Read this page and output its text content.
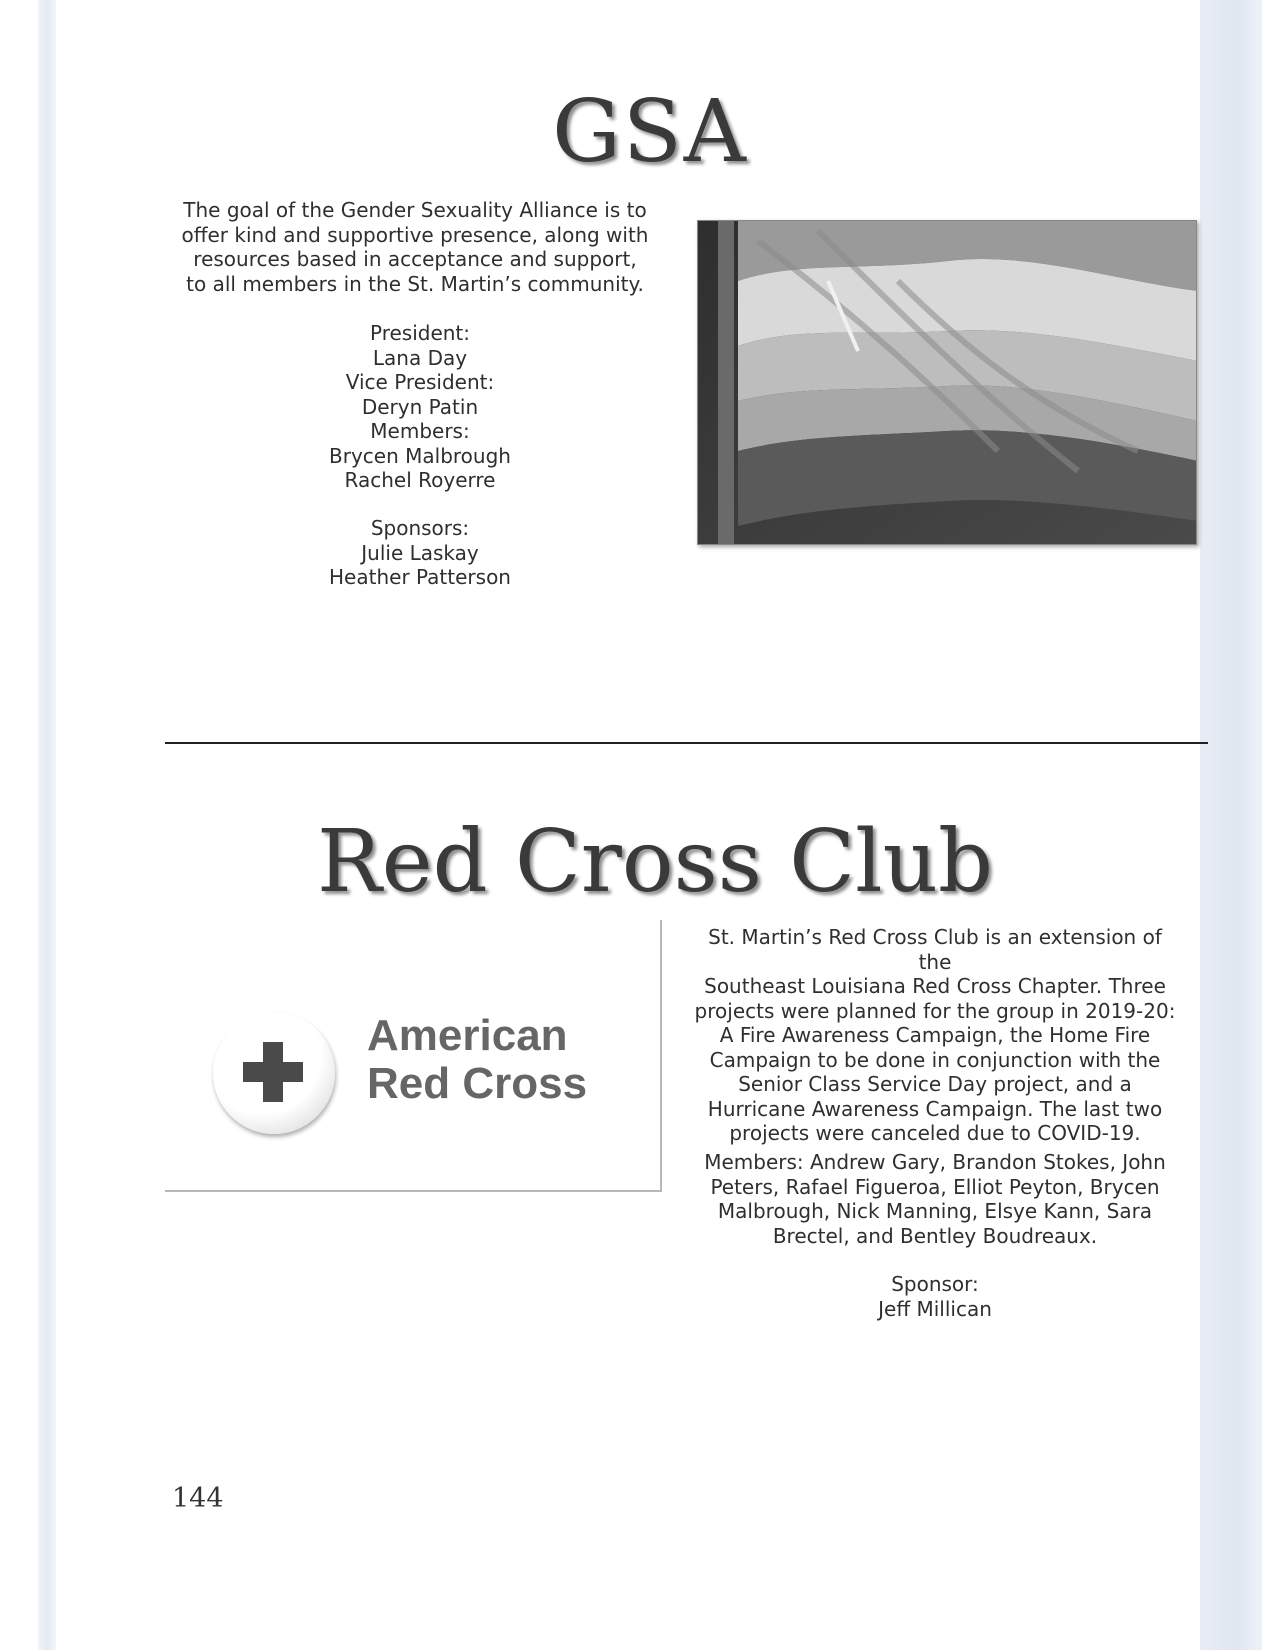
GSA
The goal of the Gender Sexuality Alliance is to
offer kind and supportive presence, along with
resources based in acceptance and support,
to all members in the St. Martin’s community.
President:
Lana Day
Vice President:
Deryn Patin
Members:
Brycen Malbrough
Rachel Royerre
Sponsors:
Julie Laskay
Heather Patterson
Red Cross Club
American
Red Cross
St. Martin’s Red Cross Club is an extension of the
Southeast Louisiana Red Cross Chapter. Three
projects were planned for the group in 2019-20:
A Fire Awareness Campaign, the Home Fire
Campaign to be done in conjunction with the
Senior Class Service Day project, and a
Hurricane Awareness Campaign. The last two
projects were canceled due to COVID-19.
Members: Andrew Gary, Brandon Stokes, John
Peters, Rafael Figueroa, Elliot Peyton, Brycen
Malbrough, Nick Manning, Elsye Kann, Sara
Brectel, and Bentley Boudreaux.
Sponsor:
Jeff Millican

144
